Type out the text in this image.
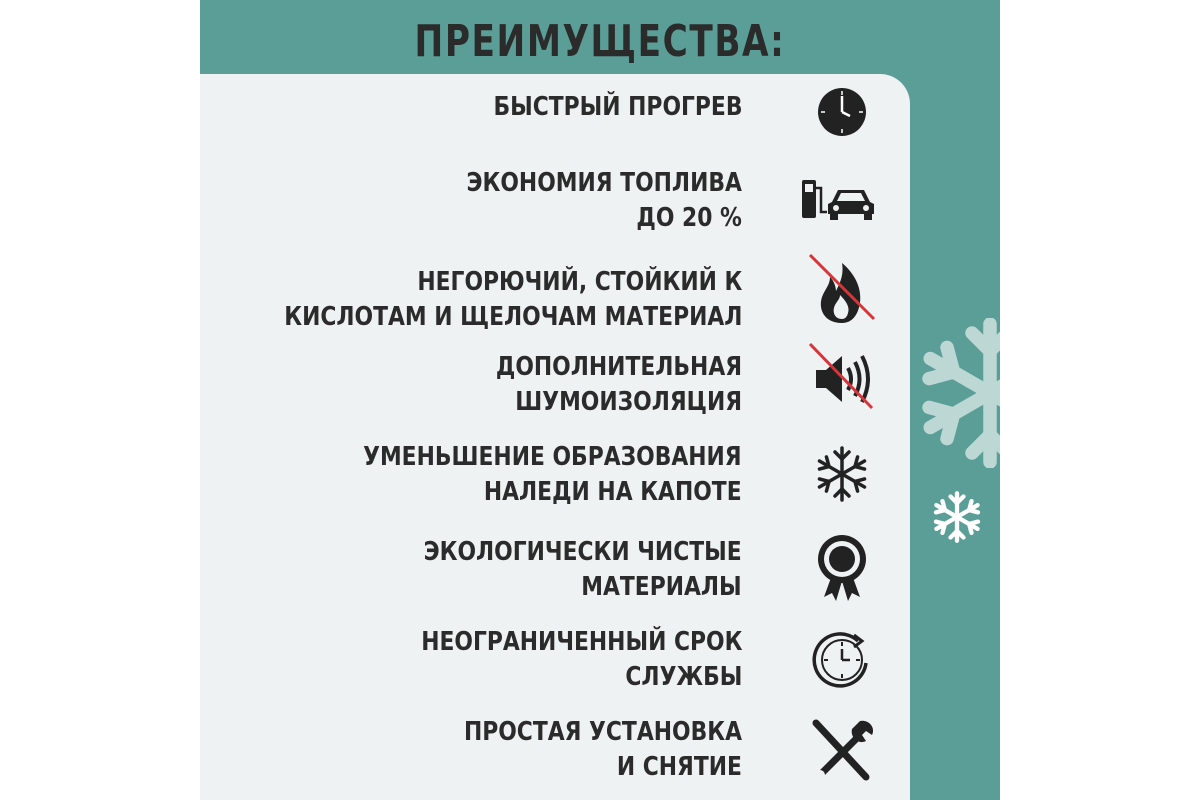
ПРЕИМУЩЕСТВА:
БЫСТРЫЙ ПРОГРЕВ
ЭКОНОМИЯ ТОПЛИВА
ДО 20 %
НЕГОРЮЧИЙ, СТОЙКИЙ К
КИСЛОТАМ И ЩЕЛОЧАМ МАТЕРИАЛ
ДОПОЛНИТЕЛЬНАЯ
ШУМОИЗОЛЯЦИЯ
УМЕНЬШЕНИЕ ОБРАЗОВАНИЯ
НАЛЕДИ НА КАПОТЕ
ЭКОЛОГИЧЕСКИ ЧИСТЫЕ
МАТЕРИАЛЫ
НЕОГРАНИЧЕННЫЙ СРОК
СЛУЖБЫ
ПРОСТАЯ УСТАНОВКА
И СНЯТИЕ
